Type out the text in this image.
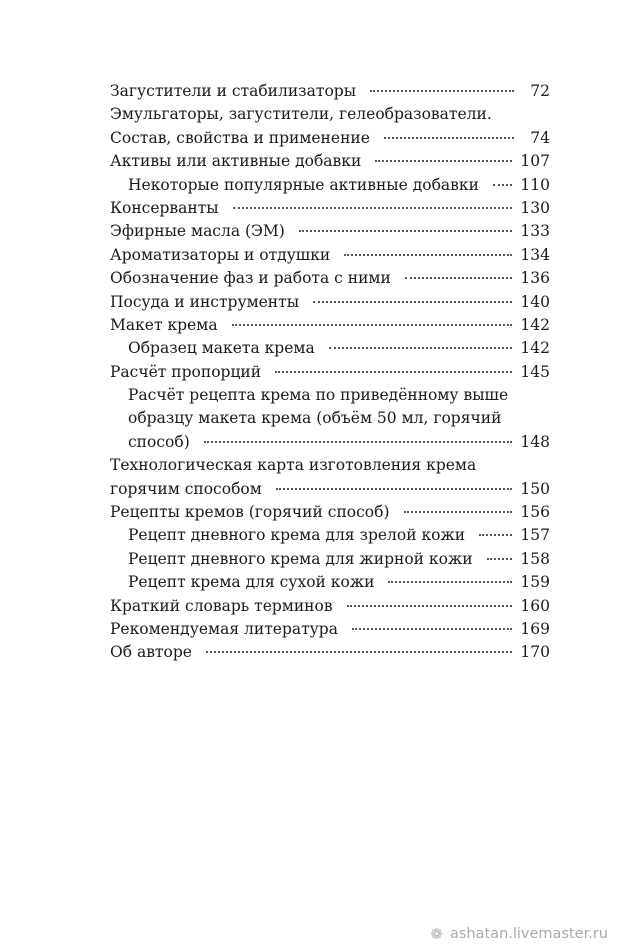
Загустители и стабилизаторы	72
Эмульгаторы, загустители, гелеобразователи.
Состав, свойства и применение	74
Активы или активные добавки	107
Некоторые популярные активные добавки	110
Консерванты	130
Эфирные масла (ЭМ)	133
Ароматизаторы и отдушки	134
Обозначение фаз и работа с ними	136
Посуда и инструменты	140
Макет крема	142
Образец макета крема	142
Расчёт пропорций	145
Расчёт рецепта крема по приведённому выше
образцу макета крема (объём 50 мл, горячий
способ)	148
Технологическая карта изготовления крема
горячим способом	150
Рецепты кремов (горячий способ)	156
Рецепт дневного крема для зрелой кожи	157
Рецепт дневного крема для жирной кожи	158
Рецепт крема для сухой кожи	159
Краткий словарь терминов	160
Рекомендуемая литература	169
Об авторе	170
❁ ashatan.livemaster.ru
